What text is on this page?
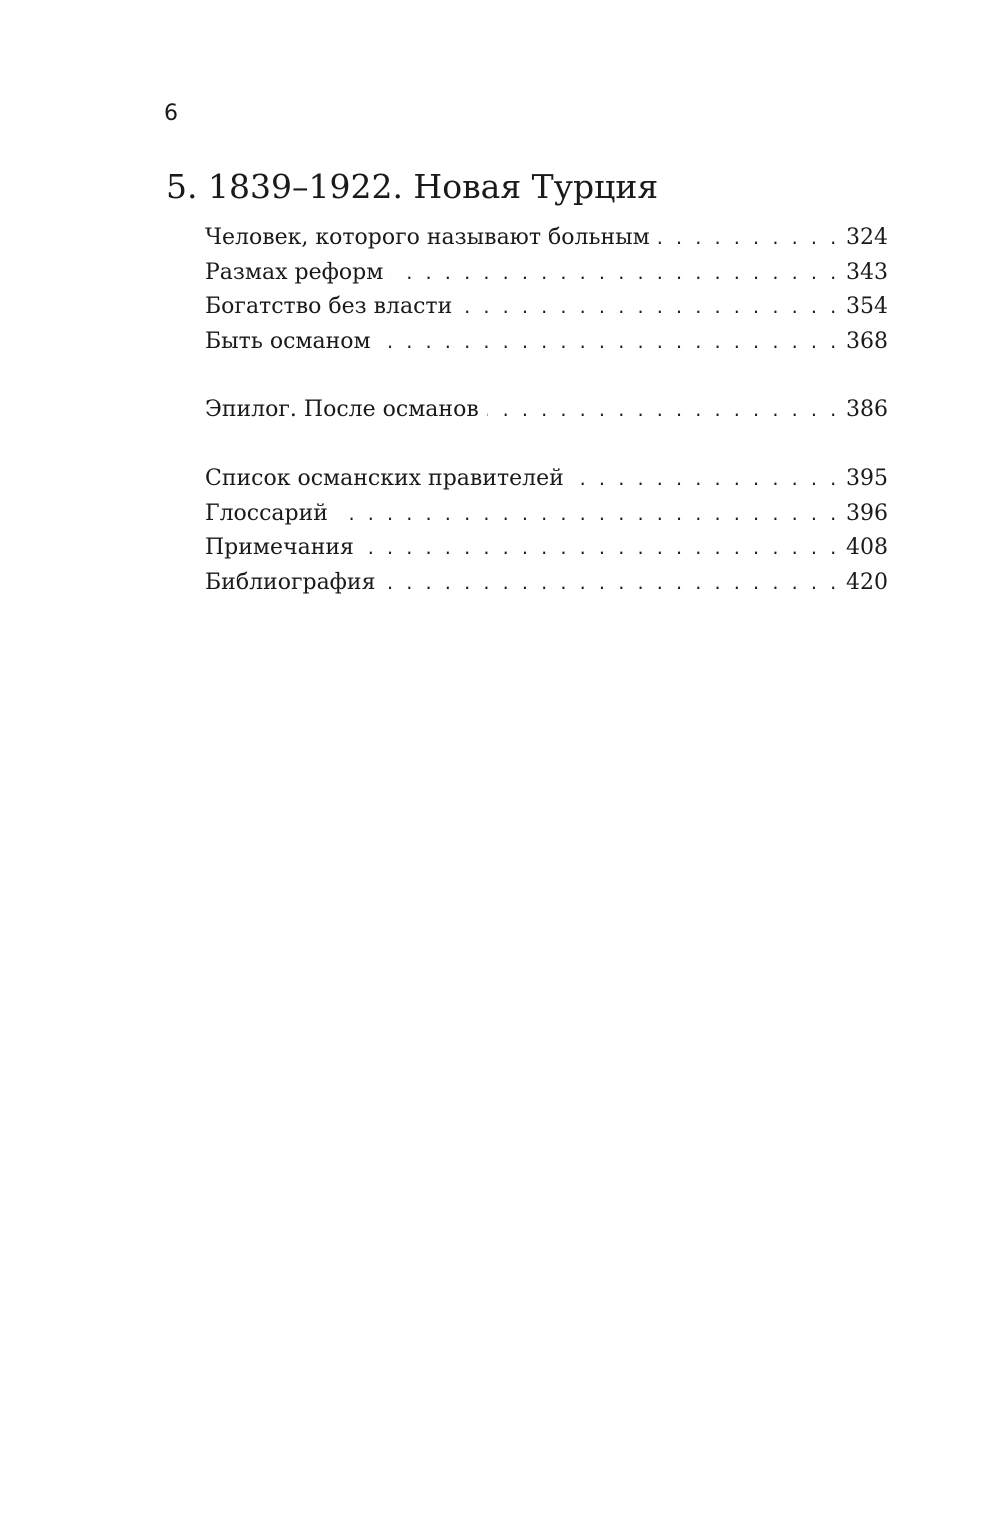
6
5. 1839–1922. Новая Турция
Человек, которого называют больным . . .	324
Размах реформ . . .	343
Богатство без власти . . .	354
Быть османом . . .	368
Эпилог. После османов . . .	386
Список османских правителей . . .	395
Глоссарий . . .	396
Примечания . . .	408
Библиография . . .	420
